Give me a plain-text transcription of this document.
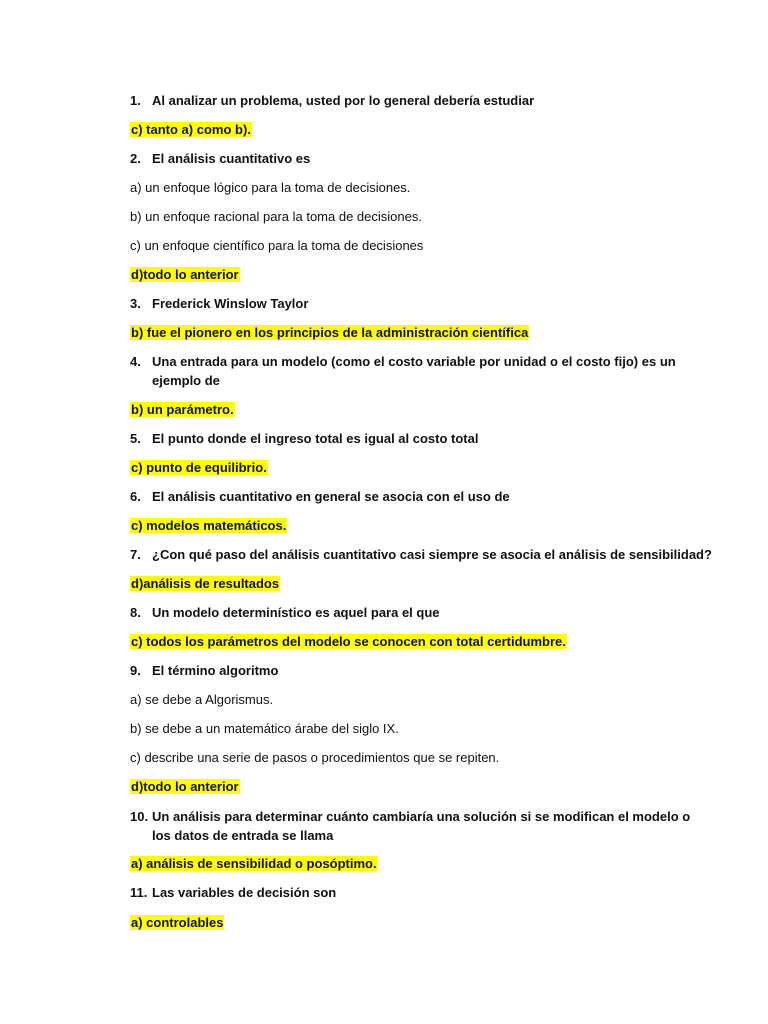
1. Al analizar un problema, usted por lo general debería estudiar
c) tanto a) como b).
2. El análisis cuantitativo es
a) un enfoque lógico para la toma de decisiones.
b) un enfoque racional para la toma de decisiones.
c) un enfoque científico para la toma de decisiones
d)todo lo anterior
3. Frederick Winslow Taylor
b) fue el pionero en los principios de la administración científica
4. Una entrada para un modelo (como el costo variable por unidad o el costo fijo) es un
ejemplo de
b) un parámetro.
5. El punto donde el ingreso total es igual al costo total
c) punto de equilibrio.
6. El análisis cuantitativo en general se asocia con el uso de
c) modelos matemáticos.
7. ¿Con qué paso del análisis cuantitativo casi siempre se asocia el análisis de sensibilidad?
d)análisis de resultados
8. Un modelo determinístico es aquel para el que
c) todos los parámetros del modelo se conocen con total certidumbre.
9. El término algoritmo
a) se debe a Algorismus.
b) se debe a un matemático árabe del siglo IX.
c) describe una serie de pasos o procedimientos que se repiten.
d)todo lo anterior
10. Un análisis para determinar cuánto cambiaría una solución si se modifican el modelo o
los datos de entrada se llama
a) análisis de sensibilidad o posóptimo.
11. Las variables de decisión son
a) controlables
